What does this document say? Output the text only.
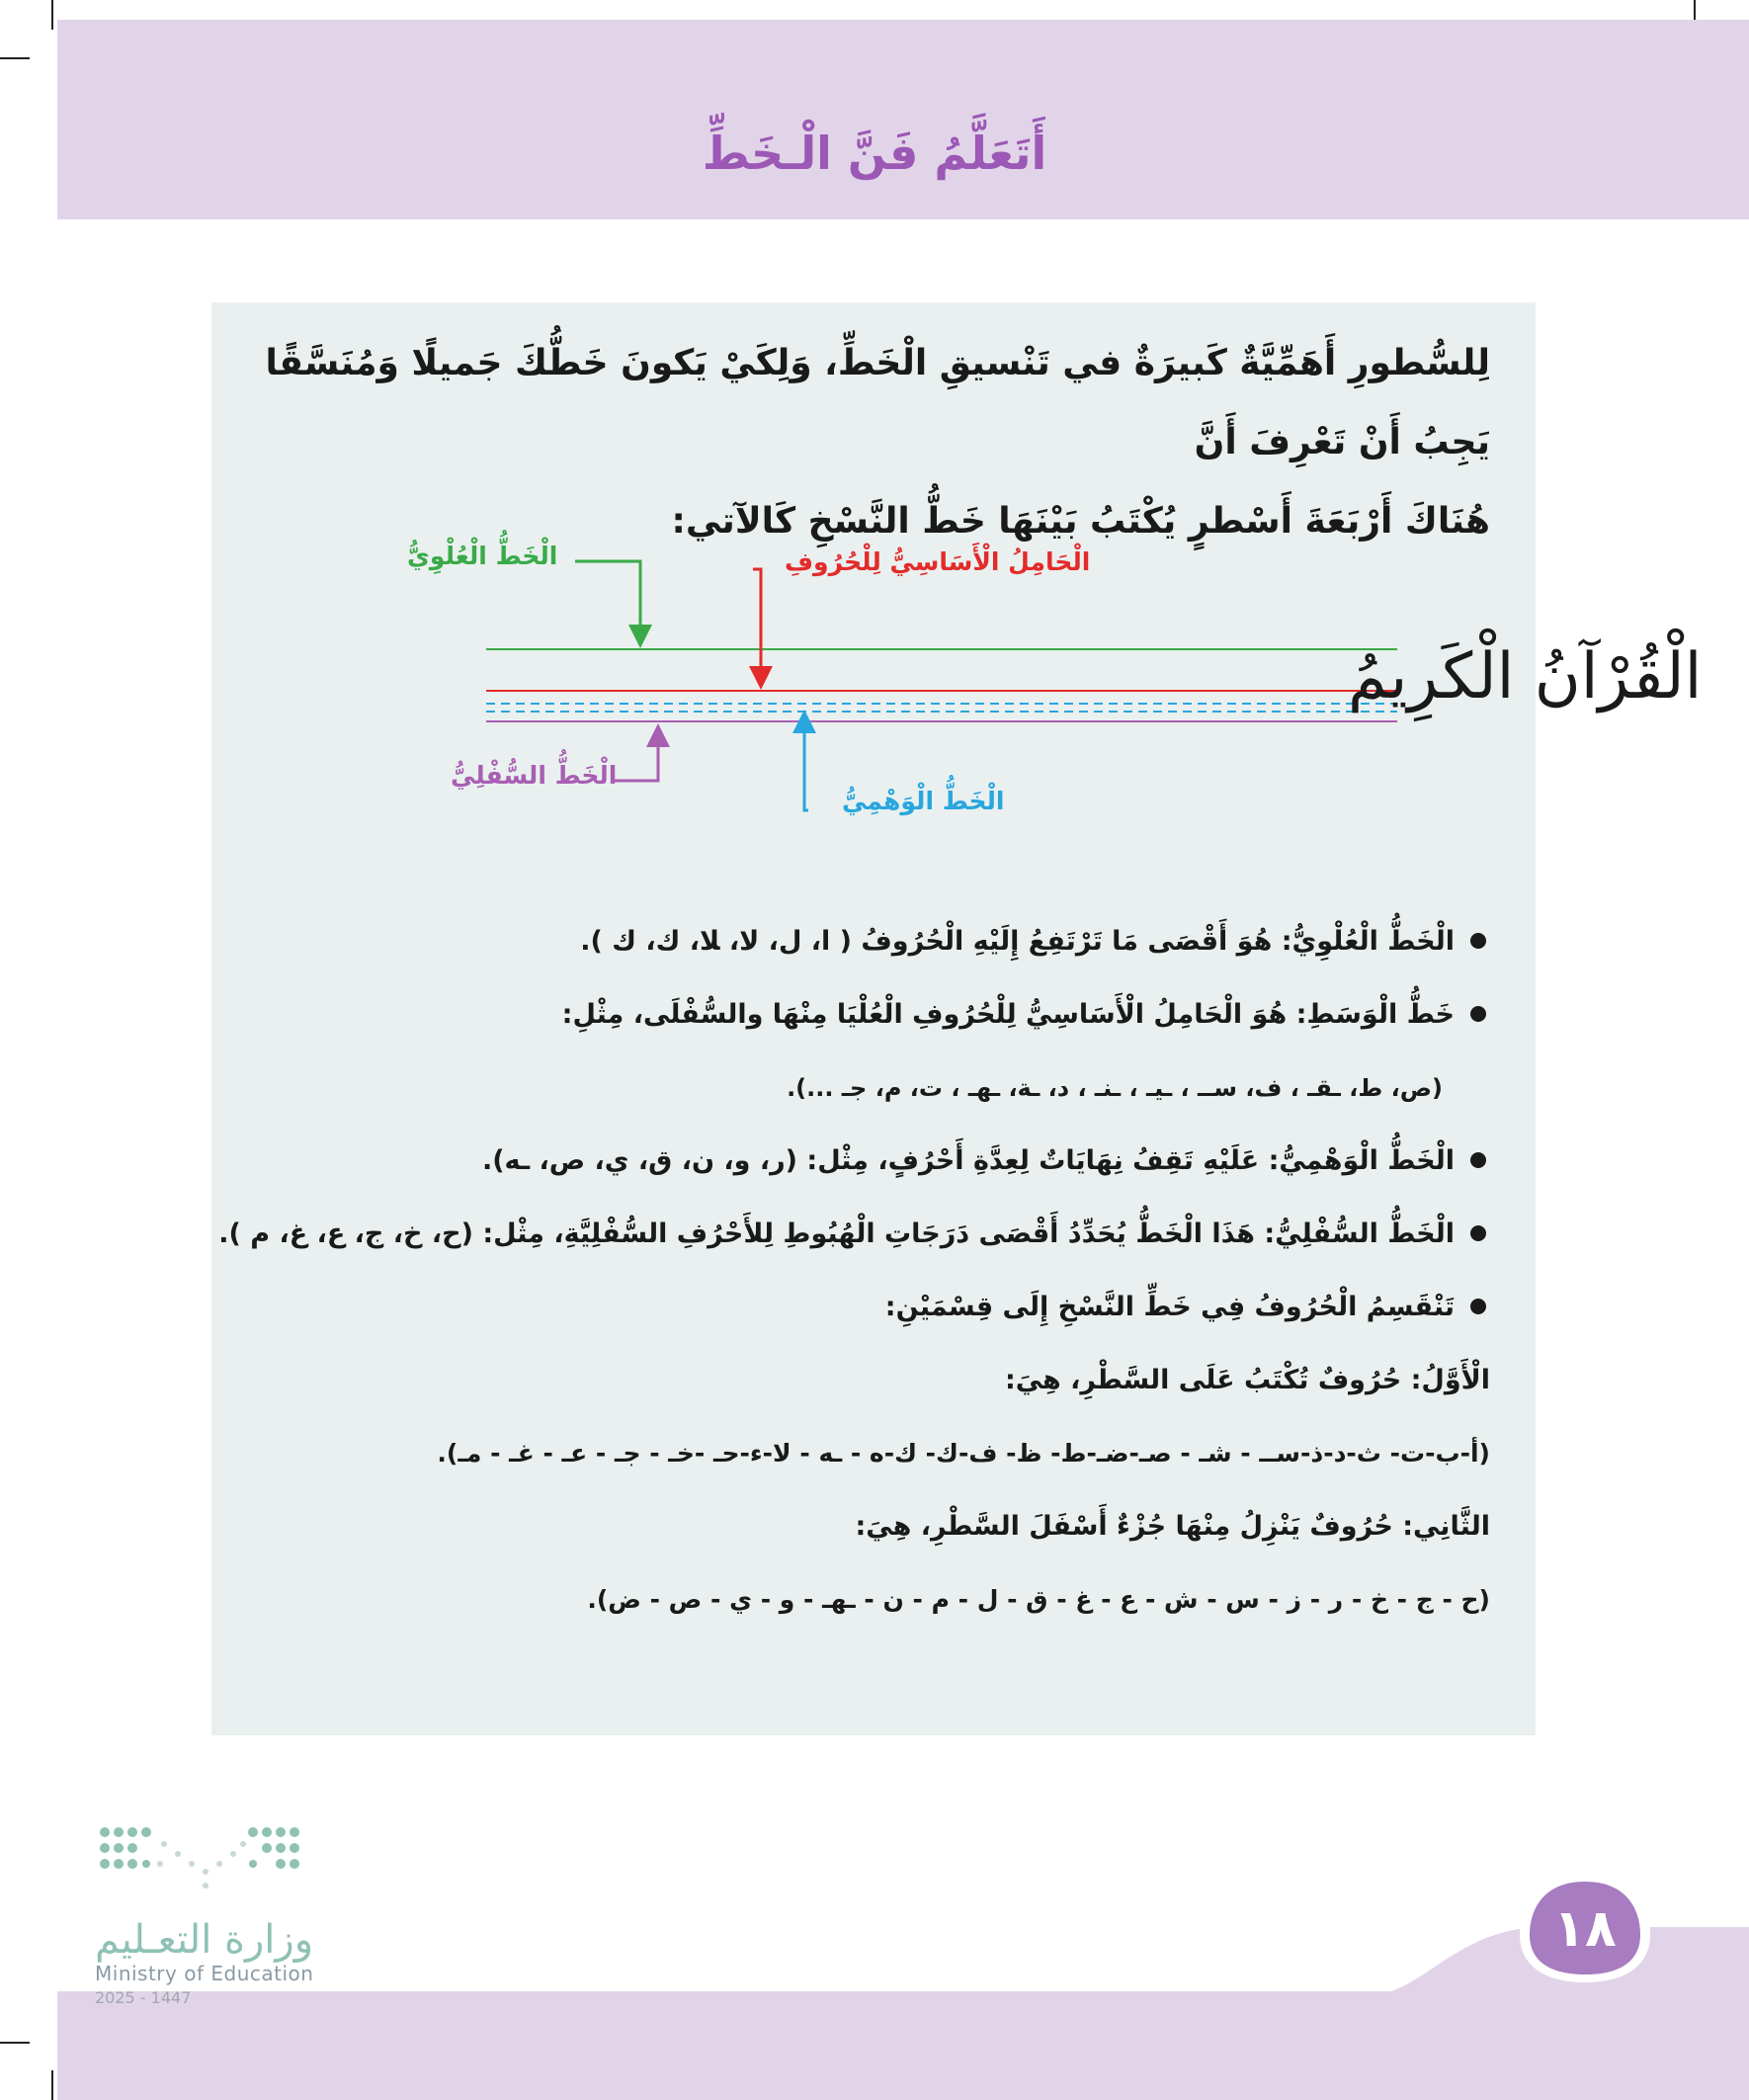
أَتَعَلَّمُ فَنَّ الْـخَطِّ

لِلسُّطورِ أَهَمِّيَّةٌ كَبيرَةٌ في تَنْسيقِ الْخَطِّ، وَلِكَيْ يَكونَ خَطُّكَ جَميلًا وَمُنَسَّقًا يَجِبُ أَنْ تَعْرِفَ أَنَّ

هُنَاكَ أَرْبَعَةَ أَسْطرٍ يُكْتَبُ بَيْنَهَا خَطُّ النَّسْخِ كَالآتي:

الْقُرْآنُ الْكَرِيمُ
الْخَطُّ الْعُلْوِيُّ	الْحَامِلُ الْأَسَاسِيُّ لِلْحُرُوفِ
الْخَطُّ السُّفْلِيُّ
الْخَطُّ الْوَهْمِيُّ
الْخَطُّ الْعُلْوِيُّ: هُوَ أَقْصَى مَا تَرْتَفِعُ إِلَيْهِ الْحُرُوفُ ( ا، ل، لا، ﻼ، ك، ك ).
خَطُّ الْوَسَطِ: هُوَ الْحَامِلُ الْأَسَاسِيُّ لِلْحُرُوفِ الْعُلْيَا مِنْهَا والسُّفْلَى، مِثْلِ:
(ص، ط، ـقـ ، ف، ســ ، ـيـ ، ـنـ ، د، ـة، ـهـ ، ت، م، جـ ...).
الْخَطُّ الْوَهْمِيُّ: عَلَيْهِ تَقِفُ نِهَايَاتٌ لِعِدَّةِ أَحْرُفٍ، مِثْل: (ر، و، ن، ق، ي، ص، ـه).
الْخَطُّ السُّفْلِيُّ: هَذَا الْخَطُّ يُحَدِّدُ أَقْصَى دَرَجَاتِ الْهُبُوطِ لِلأَحْرُفِ السُّفْلِيَّةِ، مِثْل: (ح، خ، ج، ع، غ، م ).
تَنْقَسِمُ الْحُرُوفُ فِي خَطِّ النَّسْخِ إِلَى قِسْمَيْنِ:
الْأَوَّلُ: حُرُوفٌ تُكْتَبُ عَلَى السَّطْرِ، هِيَ:
(أ-ب-ت- ث-د-ذ-ســ - شـ - صـ-ضـ-ط- ظ- ف-ك- ك-ه - ـه - لا-ء-حـ -خـ - جـ - عـ - غـ - مـ).
الثَّانِي: حُرُوفٌ يَنْزِلُ مِنْهَا جُزْءٌ أَسْفَلَ السَّطْرِ، هِيَ:
(ح - ج - خ - ر - ز - س - ش - ع - غ - ق - ل - م - ن - ـهـ - و - ي - ص - ض).
١٨
وزارة التعـليم
Ministry of Education
2025 - 1447
